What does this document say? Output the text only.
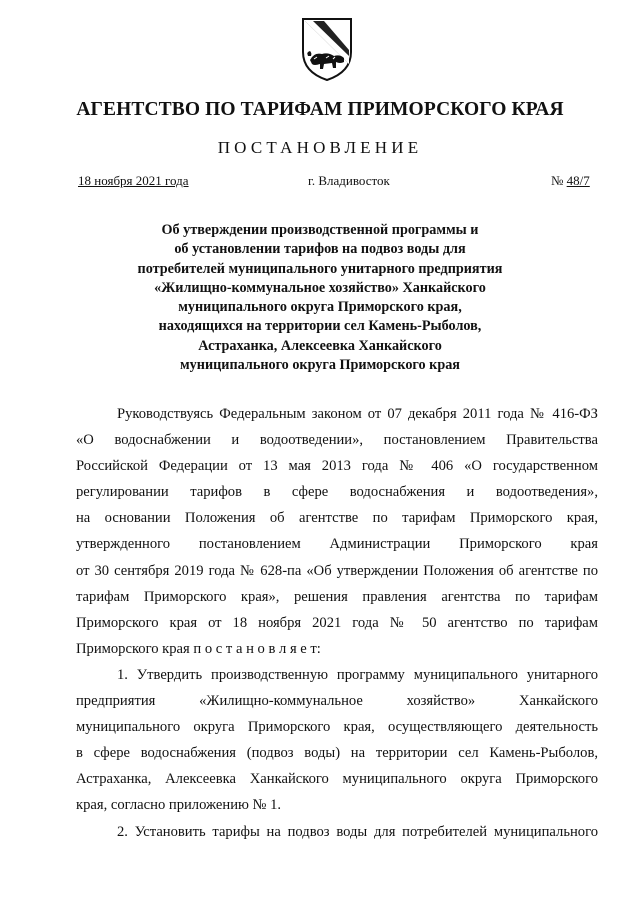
АГЕНТСТВО ПО ТАРИФАМ ПРИМОРСКОГО КРАЯ
ПОСТАНОВЛЕНИЕ
18 ноября 2021 года	г. Владивосток	№ 48/7
Об утверждении производственной программы и
об установлении тарифов на подвоз воды для
потребителей муниципального унитарного предприятия
«Жилищно-коммунальное хозяйство» Ханкайского
муниципального округа Приморского края,
находящихся на территории сел Камень-Рыболов,
Астраханка, Алексеевка Ханкайского
муниципального округа Приморского края
Руководствуясь Федеральным законом от 07 декабря 2011 года № 416-ФЗ
«О водоснабжении и водоотведении», постановлением Правительства
Российской Федерации от 13 мая 2013 года № 406 «О государственном
регулировании тарифов в сфере водоснабжения и водоотведения»,
на основании Положения об агентстве по тарифам Приморского края,
утвержденного постановлением Администрации Приморского края
от 30 сентября 2019 года № 628-па «Об утверждении Положения об агентстве по
тарифам Приморского края», решения правления агентства по тарифам
Приморского края от 18 ноября 2021 года № 50 агентство по тарифам
Приморского края п о с т а н о в л я е т:
1. Утвердить производственную программу муниципального унитарного
предприятия «Жилищно-коммунальное хозяйство» Ханкайского
муниципального округа Приморского края, осуществляющего деятельность
в сфере водоснабжения (подвоз воды) на территории сел Камень-Рыболов,
Астраханка, Алексеевка Ханкайского муниципального округа Приморского
края, согласно приложению № 1.
2. Установить тарифы на подвоз воды для потребителей муниципального
